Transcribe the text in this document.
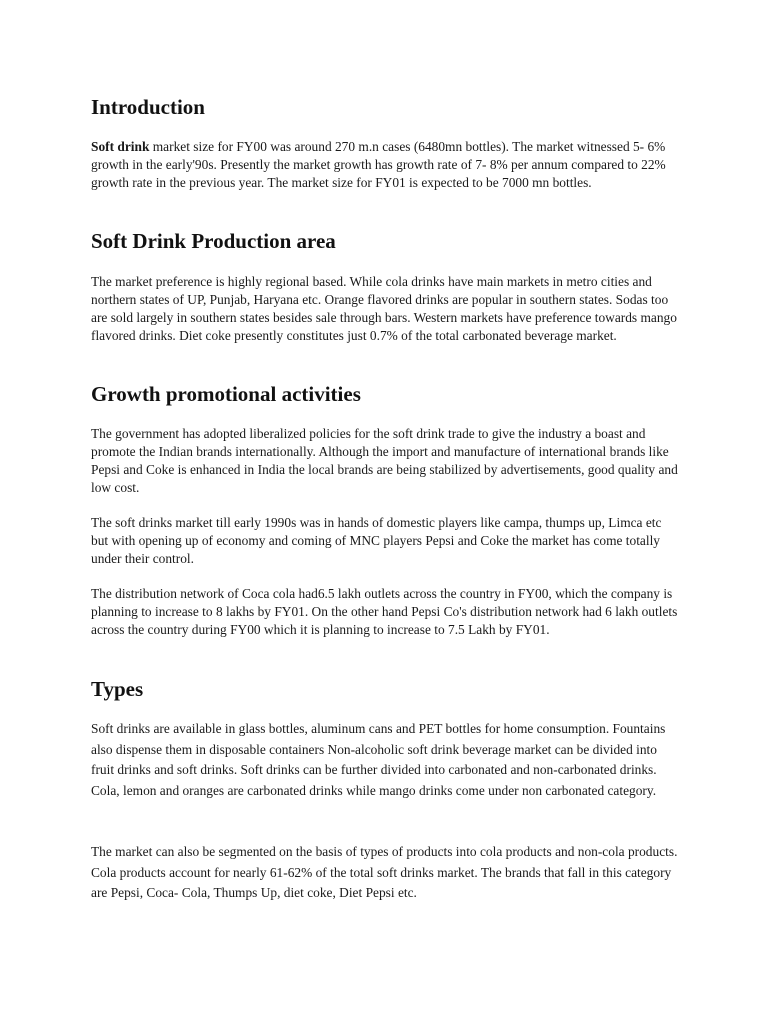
Introduction

Soft drink market size for FY00 was around 270 m.n cases (6480mn bottles). The market witnessed 5- 6% growth in the early'90s. Presently the market growth has growth rate of 7- 8% per annum compared to 22% growth rate in the previous year. The market size for FY01 is expected to be 7000 mn bottles.

Soft Drink Production area

The market preference is highly regional based. While cola drinks have main markets in metro cities and northern states of UP, Punjab, Haryana etc. Orange flavored drinks are popular in southern states. Sodas too are sold largely in southern states besides sale through bars. Western markets have preference towards mango flavored drinks. Diet coke presently constitutes just 0.7% of the total carbonated beverage market.

Growth promotional activities

The government has adopted liberalized policies for the soft drink trade to give the industry a boast and promote the Indian brands internationally. Although the import and manufacture of international brands like Pepsi and Coke is enhanced in India the local brands are being stabilized by advertisements, good quality and low cost.

The soft drinks market till early 1990s was in hands of domestic players like campa, thumps up, Limca etc but with opening up of economy and coming of MNC players Pepsi and Coke the market has come totally under their control.

The distribution network of Coca cola had6.5 lakh outlets across the country in FY00, which the company is planning to increase to 8 lakhs by FY01. On the other hand Pepsi Co's distribution network had 6 lakh outlets across the country during FY00 which it is planning to increase to 7.5 Lakh by FY01.

Types

Soft drinks are available in glass bottles, aluminum cans and PET bottles for home consumption. Fountains also dispense them in disposable containers Non-alcoholic soft drink beverage market can be divided into fruit drinks and soft drinks. Soft drinks can be further divided into carbonated and non-carbonated drinks. Cola, lemon and oranges are carbonated drinks while mango drinks come under non carbonated category.

The market can also be segmented on the basis of types of products into cola products and non-cola products. Cola products account for nearly 61-62% of the total soft drinks market. The brands that fall in this category are Pepsi, Coca- Cola, Thumps Up, diet coke, Diet Pepsi etc.
